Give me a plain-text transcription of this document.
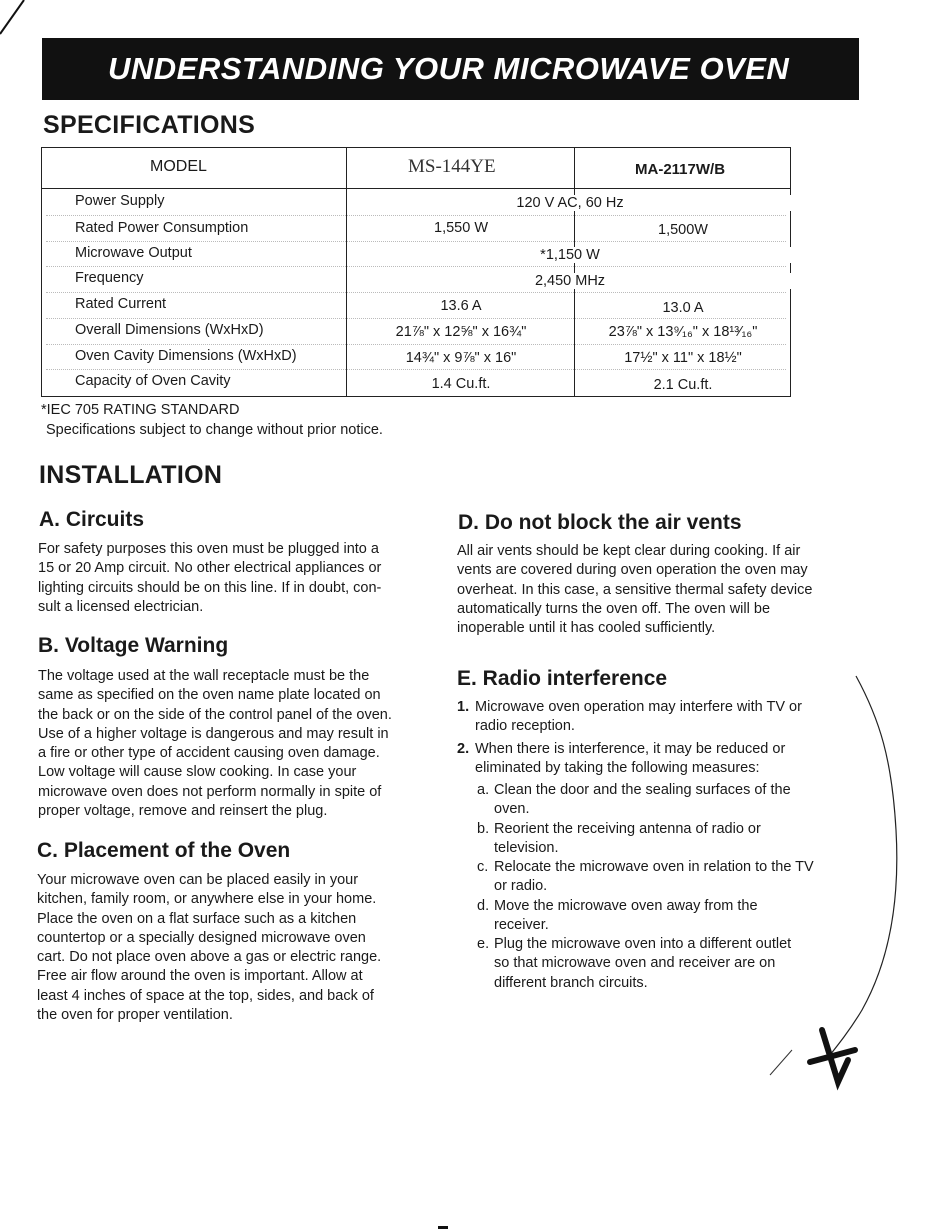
UNDERSTANDING YOUR MICROWAVE OVEN
SPECIFICATIONS
MODEL	MS-144YE	MA-2117W/B
Power Supply
Rated Power Consumption
Microwave Output
Frequency
Rated Current
Overall Dimensions (WxHxD)
Oven Cavity Dimensions (WxHxD)
Capacity of Oven Cavity
120 V AC, 60 Hz
*1,150 W
2,450 MHz
1,550 W
13.6 A
21⅞" x 12⅝" x 16¾"
14¾" x 9⅞" x 16"
1.4 Cu.ft.
1,500W
13.0 A
23⅞" x 13⁹⁄₁₆" x 18¹³⁄₁₆"
17½" x 11" x 18½"
2.1 Cu.ft.
*IEC 705 RATING STANDARD
Specifications subject to change without prior notice.
INSTALLATION
A. Circuits
For safety purposes this oven must be plugged into a
15 or 20 Amp circuit. No other electrical appliances or
lighting circuits should be on this line. If in doubt, con-
sult a licensed electrician.
B. Voltage Warning
The voltage used at the wall receptacle must be the
same as specified on the oven name plate located on
the back or on the side of the control panel of the oven.
Use of a higher voltage is dangerous and may result in
a fire or other type of accident causing oven damage.
Low voltage will cause slow cooking. In case your
microwave oven does not perform normally in spite of
proper voltage, remove and reinsert the plug.
C. Placement of the Oven
Your microwave oven can be placed easily in your
kitchen, family room, or anywhere else in your home.
Place the oven on a flat surface such as a kitchen
countertop or a specially designed microwave oven
cart. Do not place oven above a gas or electric range.
Free air flow around the oven is important. Allow at
least 4 inches of space at the top, sides, and back of
the oven for proper ventilation.
D. Do not block the air vents
All air vents should be kept clear during cooking. If air
vents are covered during oven operation the oven may
overheat. In this case, a sensitive thermal safety device
automatically turns the oven off. The oven will be
inoperable until it has cooled sufficiently.
E. Radio interference
1. Microwave oven operation may interfere with TV or
radio reception.
2. When there is interference, it may be reduced or
eliminated by taking the following measures:
a. Clean the door and the sealing surfaces of the
oven.
b. Reorient the receiving antenna of radio or
television.
c. Relocate the microwave oven in relation to the TV
or radio.
d. Move the microwave oven away from the
receiver.
e. Plug the microwave oven into a different outlet
so that microwave oven and receiver are on
different branch circuits.
